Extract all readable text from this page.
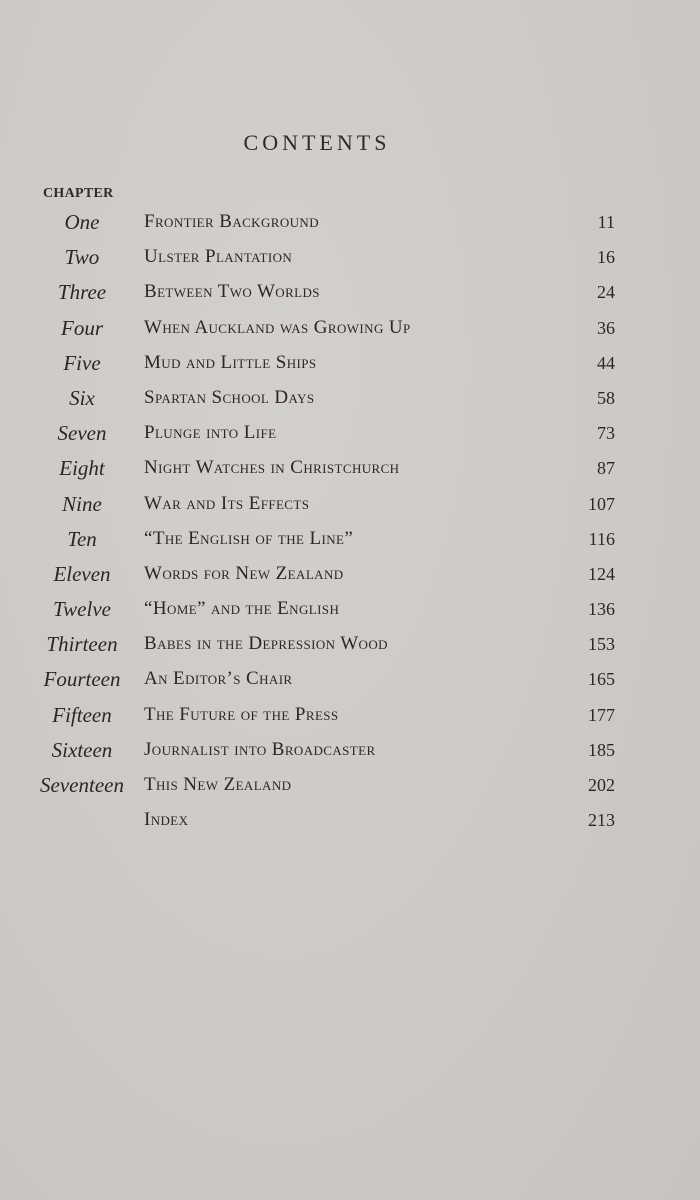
CONTENTS
CHAPTER
One	Frontier Background	11
Two	Ulster Plantation	16
Three	Between Two Worlds	24
Four	When Auckland was Growing Up	36
Five	Mud and Little Ships	44
Six	Spartan School Days	58
Seven	Plunge into Life	73
Eight	Night Watches in Christchurch	87
Nine	War and Its Effects	107
Ten	“The English of the Line”	116
Eleven	Words for New Zealand	124
Twelve	“Home” and the English	136
Thirteen	Babes in the Depression Wood	153
Fourteen	An Editor’s Chair	165
Fifteen	The Future of the Press	177
Sixteen	Journalist into Broadcaster	185
Seventeen	This New Zealand	202
Index	213
